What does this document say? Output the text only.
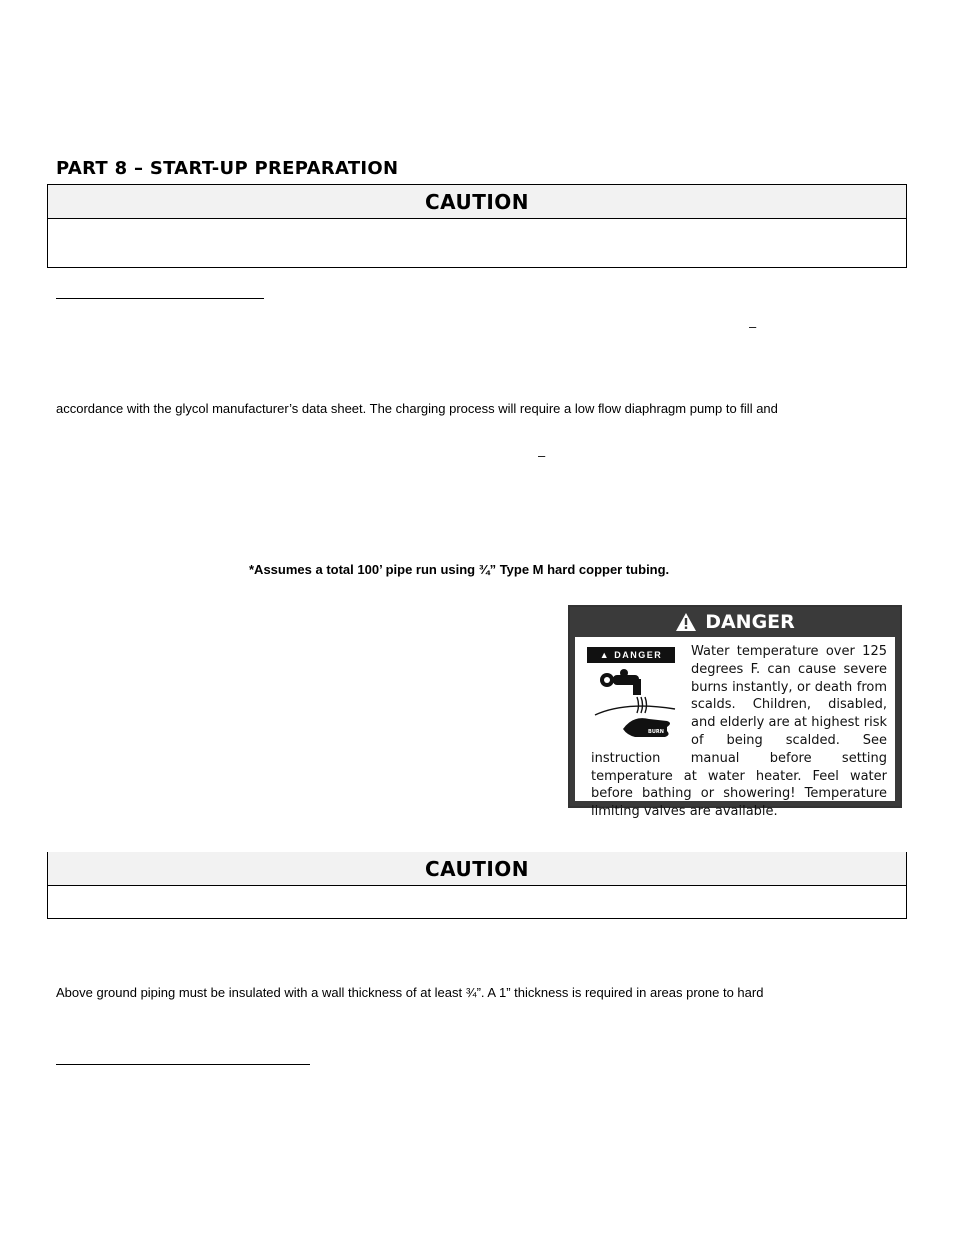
PART 8 – START-UP PREPARATION
CAUTION
–
accordance with the glycol manufacturer’s data sheet. The charging process will require a low flow diaphragm pump to fill and
–
*Assumes a total 100’ pipe run using ¾” Type M hard copper tubing.
DANGER
▲ DANGER
BURN
Water temperature over 125 degrees F. can cause severe burns instantly, or death from scalds. Children, disabled, and elderly are at highest risk of being scalded. See instruction manual before setting temperature at water heater. Feel water before bathing or showering! Temperature limiting valves are available.
CAUTION
Above ground piping must be insulated with a wall thickness of at least ¾”. A 1” thickness is required in areas prone to hard
